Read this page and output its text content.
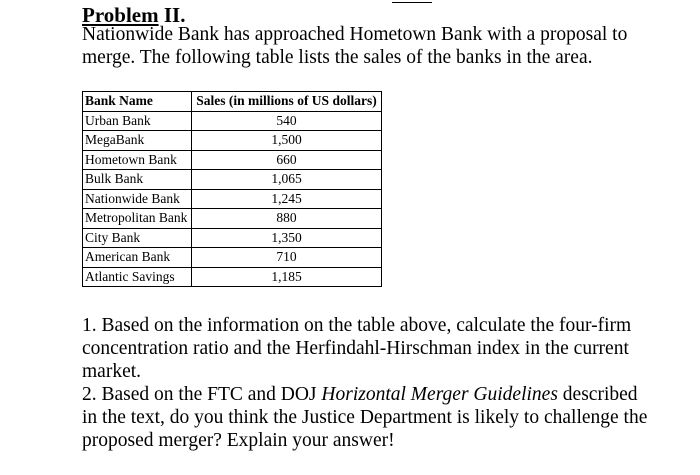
Problem II.

Nationwide Bank has approached Hometown Bank with a proposal to merge. The following table lists the sales of the banks in the area.

Bank Name	Sales (in millions of US dollars)
Urban Bank	540
MegaBank	1,500
Hometown Bank	660
Bulk Bank	1,065
Nationwide Bank	1,245
Metropolitan Bank	880
City Bank	1,350
American Bank	710
Atlantic Savings	1,185

1. Based on the information on the table above, calculate the four-firm concentration ratio and the Herfindahl-Hirschman index in the current market.

2. Based on the FTC and DOJ Horizontal Merger Guidelines described in the text, do you think the Justice Department is likely to challenge the proposed merger? Explain your answer!
